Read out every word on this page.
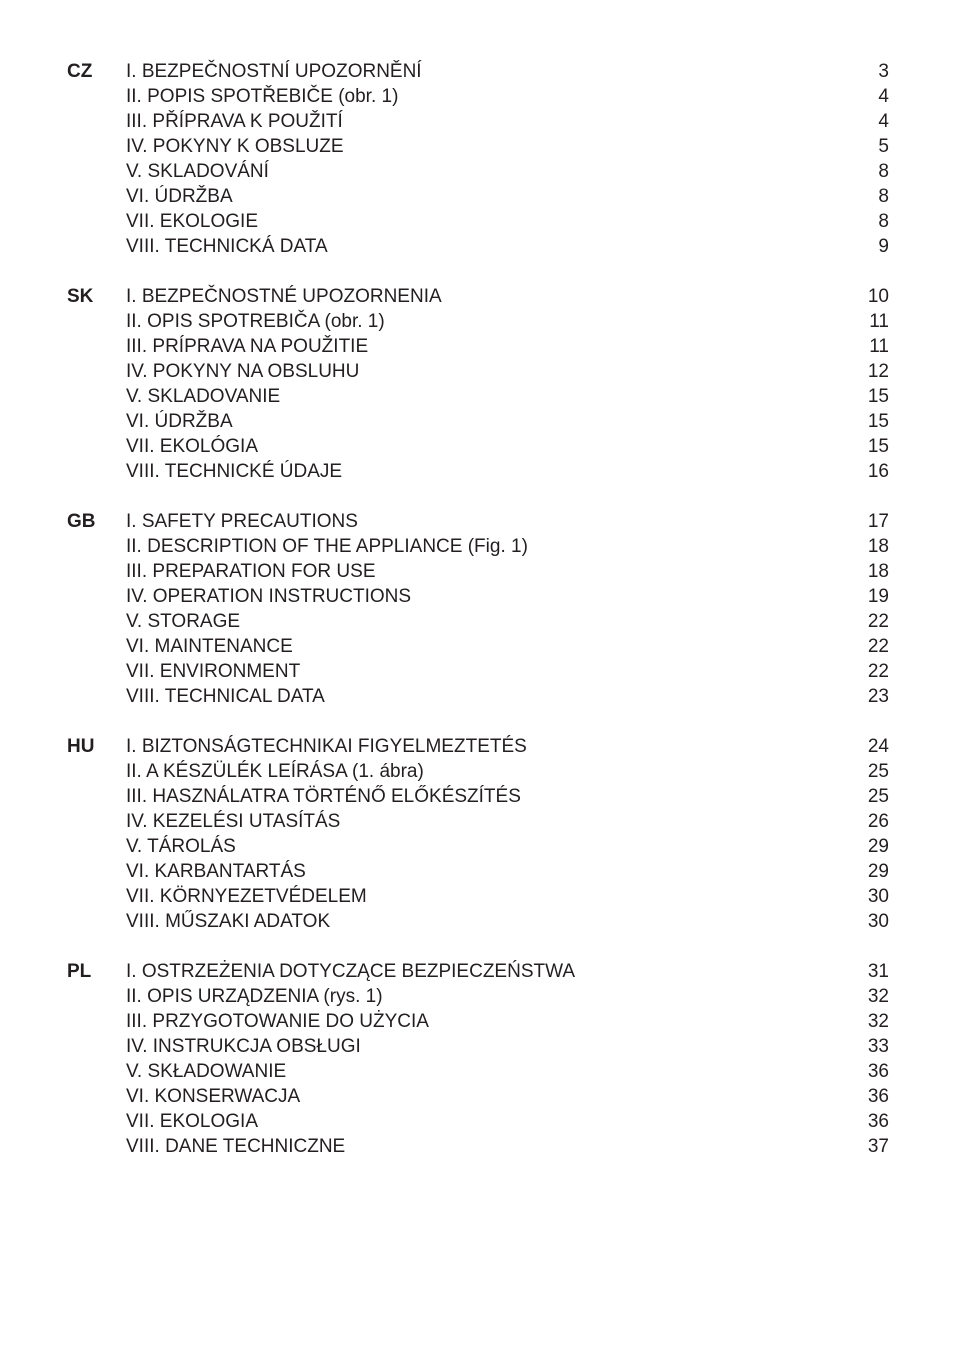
CZ I. BEZPEČNOSTNÍ UPOZORNĚNÍ	3
II. POPIS SPOTŘEBIČE (obr. 1)	4
III. PŘÍPRAVA K POUŽITÍ	4
IV. POKYNY K OBSLUZE	5
V. SKLADOVÁNÍ	8
VI. ÚDRŽBA	8
VII. EKOLOGIE	8
VIII. TECHNICKÁ DATA	9
SK I. BEZPEČNOSTNÉ UPOZORNENIA	10
II. OPIS SPOTREBIČA (obr. 1)	11
III. PRÍPRAVA NA POUŽITIE	11
IV. POKYNY NA OBSLUHU	12
V. SKLADOVANIE	15
VI. ÚDRŽBA	15
VII. EKOLÓGIA	15
VIII. TECHNICKÉ ÚDAJE	16
GB I. SAFETY PRECAUTIONS	17
II. DESCRIPTION OF THE APPLIANCE (Fig. 1)	18
III. PREPARATION FOR USE	18
IV. OPERATION INSTRUCTIONS	19
V. STORAGE	22
VI. MAINTENANCE	22
VII. ENVIRONMENT	22
VIII. TECHNICAL DATA	23
HU I. BIZTONSÁGTECHNIKAI FIGYELMEZTETÉS	24
II. A KÉSZÜLÉK LEÍRÁSA (1. ábra)	25
III. HASZNÁLATRA TÖRTÉNŐ ELŐKÉSZÍTÉS	25
IV. KEZELÉSI UTASÍTÁS	26
V. TÁROLÁS	29
VI. KARBANTARTÁS	29
VII. KÖRNYEZETVÉDELEM	30
VIII. MŰSZAKI ADATOK	30
PL I. OSTRZEŻENIA DOTYCZĄCE BEZPIECZEŃSTWA	31
II. OPIS URZĄDZENIA (rys. 1)	32
III. PRZYGOTOWANIE DO UŻYCIA	32
IV. INSTRUKCJA OBSŁUGI	33
V. SKŁADOWANIE	36
VI. KONSERWACJA	36
VII. EKOLOGIA	36
VIII. DANE TECHNICZNE	37
